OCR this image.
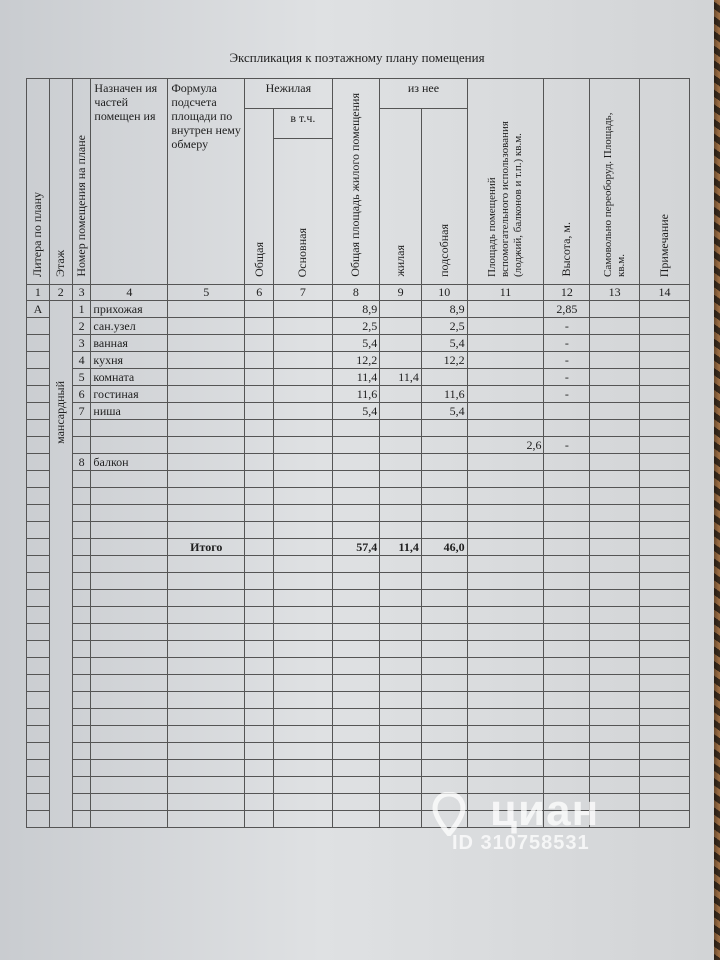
Экспликация к поэтажному плану помещения
Литера по плану	Этаж	Номер помещения на плане	Назначен ия частей помещен ия	Формула подсчета площади по внутрен нему обмеру	Нежилая		Общая площадь жилого помещения	из нее		Площадь помещений вспомогательного использования (лоджий, балконов и т.п.) кв.м.	Высота, м.	Самовольно переоборуд. Площадь, кв.м.	Примечание
					Общая	в т.ч.		жилая	подсобная				
						Основная							
1	2	3	4	5	6	7	8	9	10	11	12	13	14
А	мансардный	1	прихожая				8,9		8,9		2,85		
		2	сан.узел				2,5		2,5		-		
		3	ванная				5,4		5,4		-		
		4	кухня				12,2		12,2		-		
		5	комната				11,4	11,4			-		
		6	гостиная				11,6		11,6		-		
		7	ниша				5,4		5,4				

										2,6	-		
		8	балкон										

				Итого			57,4	11,4	46,0				

циан
ID 310758531
